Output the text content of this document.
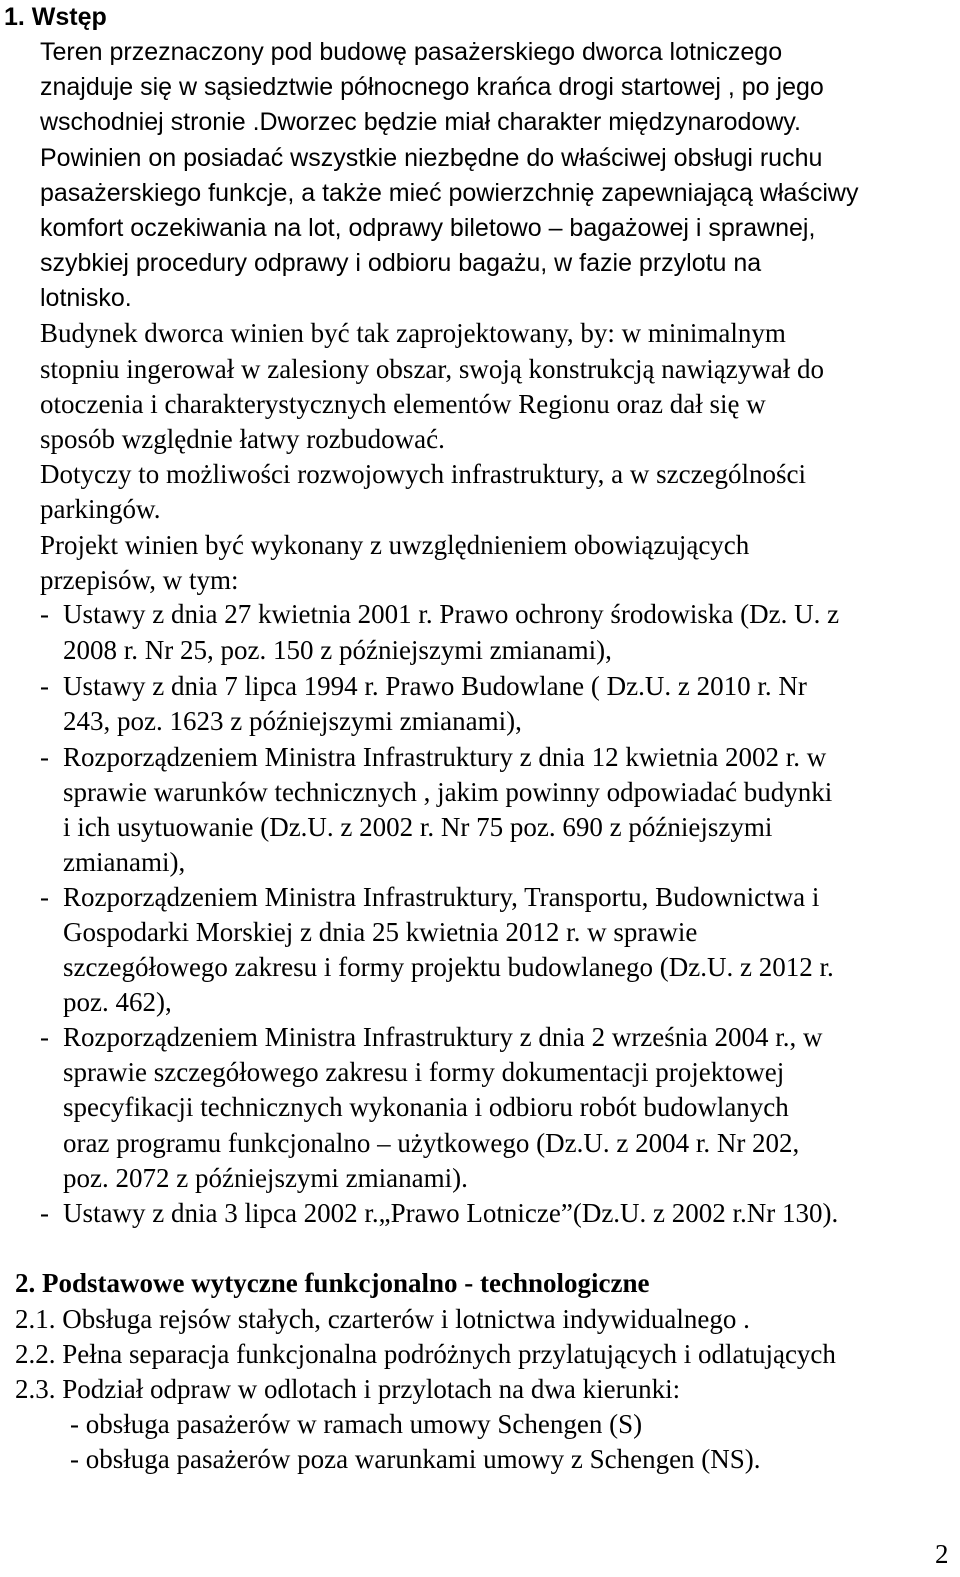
1. Wstęp
Teren przeznaczony pod budowę pasażerskiego dworca lotniczego
znajduje się w sąsiedztwie północnego krańca drogi startowej , po jego
wschodniej stronie .Dworzec będzie miał charakter międzynarodowy.
Powinien on posiadać wszystkie niezbędne do właściwej obsługi ruchu
pasażerskiego funkcje, a także mieć powierzchnię zapewniającą właściwy
komfort oczekiwania na lot, odprawy biletowo – bagażowej i sprawnej,
szybkiej procedury odprawy i odbioru bagażu, w fazie przylotu na
lotnisko.
Budynek dworca winien być tak zaprojektowany, by: w minimalnym
stopniu ingerował w zalesiony obszar, swoją konstrukcją nawiązywał do
otoczenia i charakterystycznych elementów Regionu oraz dał się w
sposób względnie łatwy rozbudować.
Dotyczy to możliwości rozwojowych infrastruktury, a w szczególności
parkingów.
Projekt winien być wykonany z uwzględnieniem obowiązujących
przepisów, w tym:
- Ustawy z dnia 27 kwietnia 2001 r. Prawo ochrony środowiska (Dz. U. z
2008 r. Nr 25, poz. 150 z późniejszymi zmianami),
- Ustawy z dnia 7 lipca 1994 r. Prawo Budowlane ( Dz.U. z 2010 r. Nr
243, poz. 1623 z późniejszymi zmianami),
- Rozporządzeniem Ministra Infrastruktury z dnia 12 kwietnia 2002 r. w
sprawie warunków technicznych , jakim powinny odpowiadać budynki
i ich usytuowanie (Dz.U. z 2002 r. Nr 75 poz. 690 z późniejszymi
zmianami),
- Rozporządzeniem Ministra Infrastruktury, Transportu, Budownictwa i
Gospodarki Morskiej z dnia 25 kwietnia 2012 r. w sprawie
szczegółowego zakresu i formy projektu budowlanego (Dz.U. z 2012 r.
poz. 462),
- Rozporządzeniem Ministra Infrastruktury z dnia 2 września 2004 r., w
sprawie szczegółowego zakresu i formy dokumentacji projektowej
specyfikacji technicznych wykonania i odbioru robót budowlanych
oraz programu funkcjonalno – użytkowego (Dz.U. z 2004 r. Nr 202,
poz. 2072 z późniejszymi zmianami).
- Ustawy z dnia 3 lipca 2002 r.„Prawo Lotnicze”(Dz.U. z 2002 r.Nr 130).
2. Podstawowe wytyczne funkcjonalno - technologiczne
2.1. Obsługa rejsów stałych, czarterów i lotnictwa indywidualnego .
2.2. Pełna separacja funkcjonalna podróżnych przylatujących i odlatujących
2.3. Podział odpraw w odlotach i przylotach na dwa kierunki:
- obsługa pasażerów w ramach umowy Schengen (S)
- obsługa pasażerów poza warunkami umowy z Schengen (NS).
2
